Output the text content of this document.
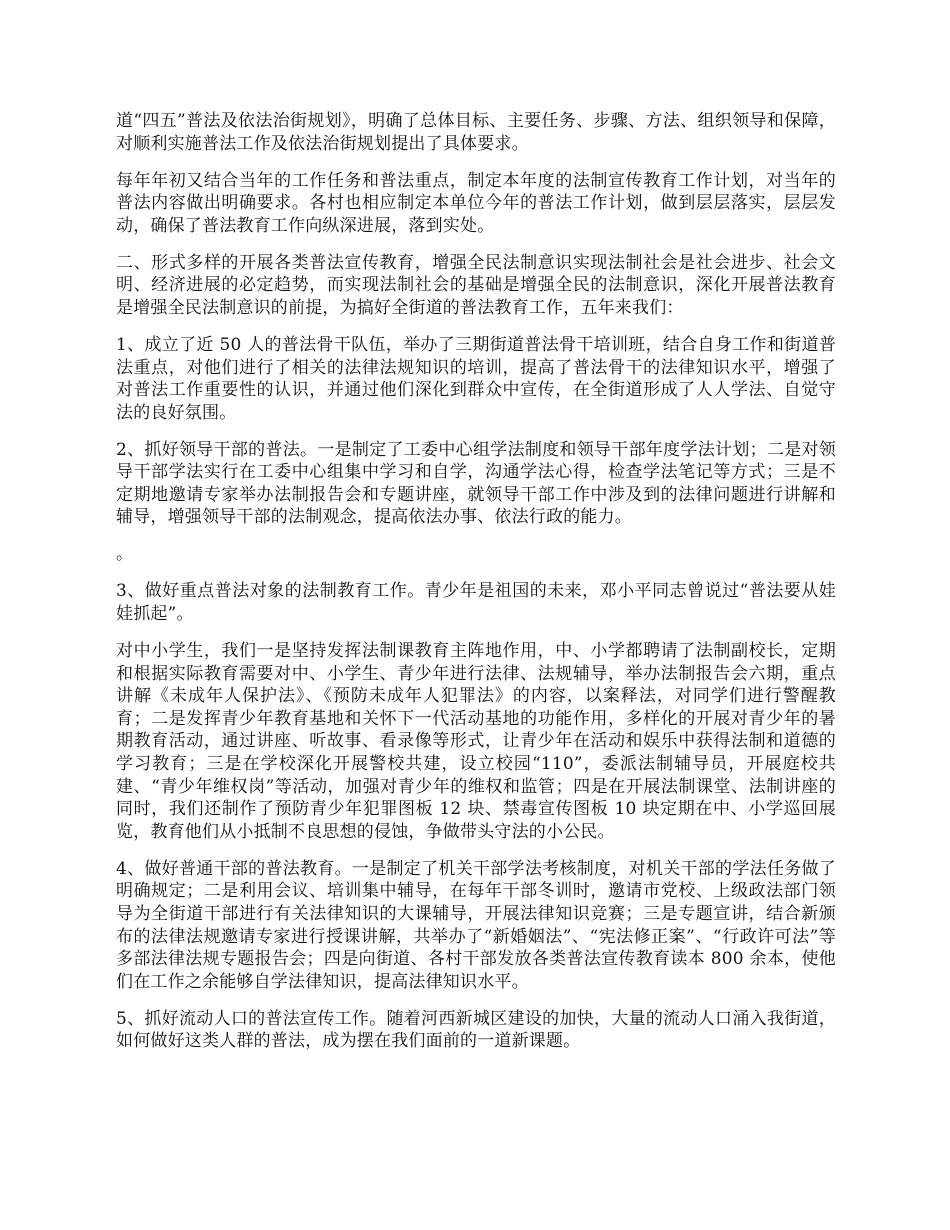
道“四五”普法及依法治街规划》，明确了总体目标、主要任务、步骤、方法、组织领导和保障，对顺利实施普法工作及依法治街规划提出了具体要求。

每年年初又结合当年的工作任务和普法重点，制定本年度的法制宣传教育工作计划，对当年的普法内容做出明确要求。各村也相应制定本单位今年的普法工作计划，做到层层落实，层层发动，确保了普法教育工作向纵深进展，落到实处。

二、形式多样的开展各类普法宣传教育，增强全民法制意识实现法制社会是社会进步、社会文明、经济进展的必定趋势，而实现法制社会的基础是增强全民的法制意识，深化开展普法教育是增强全民法制意识的前提，为搞好全街道的普法教育工作，五年来我们：

1、成立了近 50 人的普法骨干队伍，举办了三期街道普法骨干培训班，结合自身工作和街道普法重点，对他们进行了相关的法律法规知识的培训，提高了普法骨干的法律知识水平，增强了对普法工作重要性的认识，并通过他们深化到群众中宣传，在全街道形成了人人学法、自觉守法的良好氛围。

2、抓好领导干部的普法。一是制定了工委中心组学法制度和领导干部年度学法计划；二是对领导干部学法实行在工委中心组集中学习和自学，沟通学法心得，检查学法笔记等方式；三是不定期地邀请专家举办法制报告会和专题讲座，就领导干部工作中涉及到的法律问题进行讲解和辅导，增强领导干部的法制观念，提高依法办事、依法行政的能力。

。

3、做好重点普法对象的法制教育工作。青少年是祖国的未来，邓小平同志曾说过“普法要从娃娃抓起”。

对中小学生，我们一是坚持发挥法制课教育主阵地作用，中、小学都聘请了法制副校长，定期和根据实际教育需要对中、小学生、青少年进行法律、法规辅导，举办法制报告会六期，重点讲解《未成年人保护法》、《预防未成年人犯罪法》的内容，以案释法，对同学们进行警醒教育；二是发挥青少年教育基地和关怀下一代活动基地的功能作用，多样化的开展对青少年的暑期教育活动，通过讲座、听故事、看录像等形式，让青少年在活动和娱乐中获得法制和道德的学习教育；三是在学校深化开展警校共建，设立校园“110”，委派法制辅导员，开展庭校共建、“青少年维权岗”等活动，加强对青少年的维权和监管；四是在开展法制课堂、法制讲座的同时，我们还制作了预防青少年犯罪图板 12 块、禁毒宣传图板 10 块定期在中、小学巡回展览，教育他们从小抵制不良思想的侵蚀，争做带头守法的小公民。

4、做好普通干部的普法教育。一是制定了机关干部学法考核制度，对机关干部的学法任务做了明确规定；二是利用会议、培训集中辅导，在每年干部冬训时，邀请市党校、上级政法部门领导为全街道干部进行有关法律知识的大课辅导，开展法律知识竞赛；三是专题宣讲，结合新颁布的法律法规邀请专家进行授课讲解，共举办了“新婚姻法”、“宪法修正案”、“行政许可法”等多部法律法规专题报告会；四是向街道、各村干部发放各类普法宣传教育读本 800 余本，使他们在工作之余能够自学法律知识，提高法律知识水平。

5、抓好流动人口的普法宣传工作。随着河西新城区建设的加快，大量的流动人口涌入我街道，如何做好这类人群的普法，成为摆在我们面前的一道新课题。
